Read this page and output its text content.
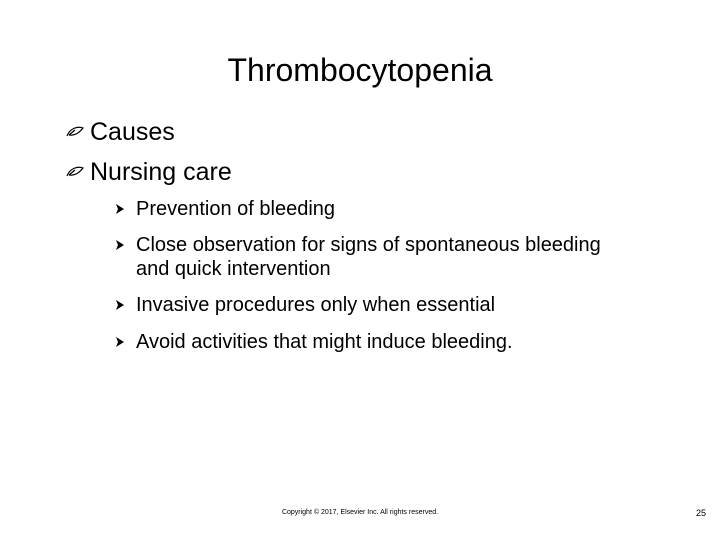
Thrombocytopenia
Causes
Nursing care
Prevention of bleeding
Close observation for signs of spontaneous bleeding and quick intervention
Invasive procedures only when essential
Avoid activities that might induce bleeding.
Copyright © 2017, Elsevier Inc. All rights reserved.	25
